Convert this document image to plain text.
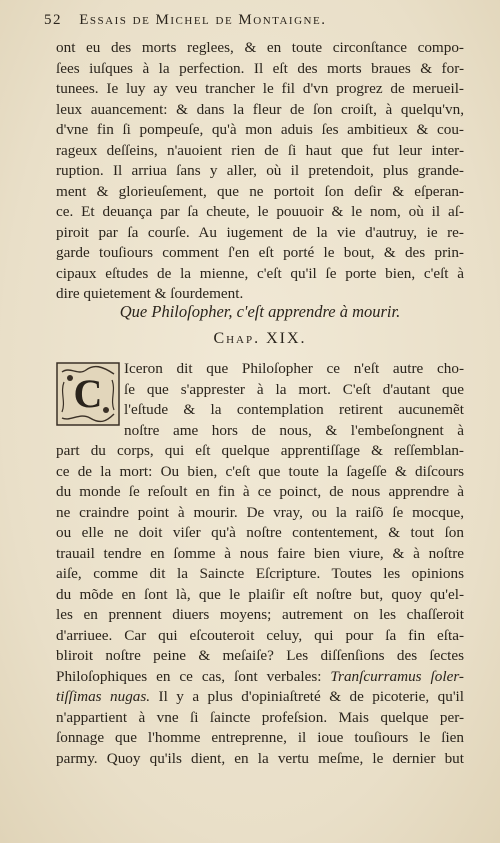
52 Essais de Michel de Montaigne.
ont eu des morts reglees, & en toute circonſtance compo-
ſees iuſques à la perfection. Il eſt des morts braues & for-
tunees. Ie luy ay veu trancher le fil d'vn progrez de merueil-
leux auancement: & dans la fleur de ſon croiſt, à quelqu'vn,
d'vne fin ſi pompeuſe, qu'à mon aduis ſes ambitieux & cou-
rageux deſſeins, n'auoient rien de ſi haut que fut leur inter-
ruption. Il arriua ſans y aller, où il pretendoit, plus grande-
ment & glorieuſement, que ne portoit ſon deſir & eſperan-
ce. Et deuança par ſa cheute, le pouuoir & le nom, où il aſ-
piroit par ſa courſe. Au iugement de la vie d'autruy, ie re-
garde touſiours comment ſ'en eſt porté le bout, & des prin-
cipaux eſtudes de la mienne, c'eſt qu'il ſe porte bien, c'eſt à
dire quietement & ſourdement.
Que Philoſopher, c'eſt apprendre à mourir.
Chap. XIX.
C
Iceron dit que Philoſopher ce n'eſt autre cho-
ſe que s'apprester à la mort. C'eſt d'autant que
l'eſtude & la contemplation retirent aucunemẽt
noſtre ame hors de nous, & l'embeſongnent à
part du corps, qui eſt quelque apprentiſſage & reſſemblan-
ce de la mort: Ou bien, c'eſt que toute la ſageſſe & diſcours
du monde ſe reſoult en fin à ce poinct, de nous apprendre à
ne craindre point à mourir. De vray, ou la raiſõ ſe mocque,
ou elle ne doit viſer qu'à noſtre contentement, & tout ſon
trauail tendre en ſomme à nous faire bien viure, & à noſtre
aiſe, comme dit la Saincte Eſcripture. Toutes les opinions
du mõde en ſont là, que le plaiſir eſt noſtre but, quoy qu'el-
les en prennent diuers moyens; autrement on les chaſſeroit
d'arriuee. Car qui eſcouteroit celuy, qui pour ſa fin eſta-
bliroit noſtre peine & meſaiſe? Les diſſenſions des ſectes
Philoſophiques en ce cas, ſont verbales: Tranſcurramus ſoler-
tiſſimas nugas. Il y a plus d'opiniaſtreté & de picoterie, qu'il
n'appartient à vne ſi ſaincte profeſsion. Mais quelque per-
ſonnage que l'homme entreprenne, il ioue touſiours le ſien
parmy. Quoy qu'ils dient, en la vertu meſme, le dernier but
